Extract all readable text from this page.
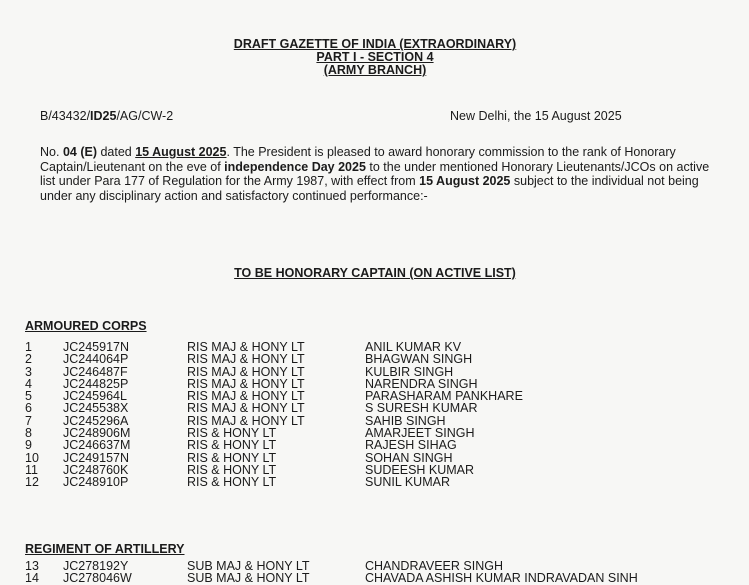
DRAFT GAZETTE OF INDIA (EXTRAORDINARY)
PART I - SECTION 4
(ARMY BRANCH)
B/43432/ID25/AG/CW-2	New Delhi, the 15 August 2025
No. 04 (E) dated 15 August 2025. The President is pleased to award honorary commission to the rank of Honorary Captain/Lieutenant on the eve of independence Day 2025 to the under mentioned Honorary Lieutenants/JCOs on active list under Para 177 of Regulation for the Army 1987, with effect from 15 August 2025 subject to the individual not being under any disciplinary action and satisfactory continued performance:-
TO BE HONORARY CAPTAIN (ON ACTIVE LIST)
ARMOURED CORPS
1 JC245917N	RIS MAJ & HONY LT	ANIL KUMAR KV
2 JC244064P	RIS MAJ & HONY LT	BHAGWAN SINGH
3 JC246487F	RIS MAJ & HONY LT	KULBIR SINGH
4 JC244825P	RIS MAJ & HONY LT	NARENDRA SINGH
5 JC245964L	RIS MAJ & HONY LT	PARASHARAM PANKHARE
6 JC245538X	RIS MAJ & HONY LT	S SURESH KUMAR
7 JC245296A	RIS MAJ & HONY LT	SAHIB SINGH
8 JC248906M	RIS & HONY LT	AMARJEET SINGH
9 JC246637M	RIS & HONY LT	RAJESH SIHAG
10 JC249157N	RIS & HONY LT	SOHAN SINGH
11 JC248760K	RIS & HONY LT	SUDEESH KUMAR
12 JC248910P	RIS & HONY LT	SUNIL KUMAR
REGIMENT OF ARTILLERY
13 JC278192Y	SUB MAJ & HONY LT	CHANDRAVEER SINGH
14 JC278046W	SUB MAJ & HONY LT	CHAVADA ASHISH KUMAR INDRAVADAN SINH
